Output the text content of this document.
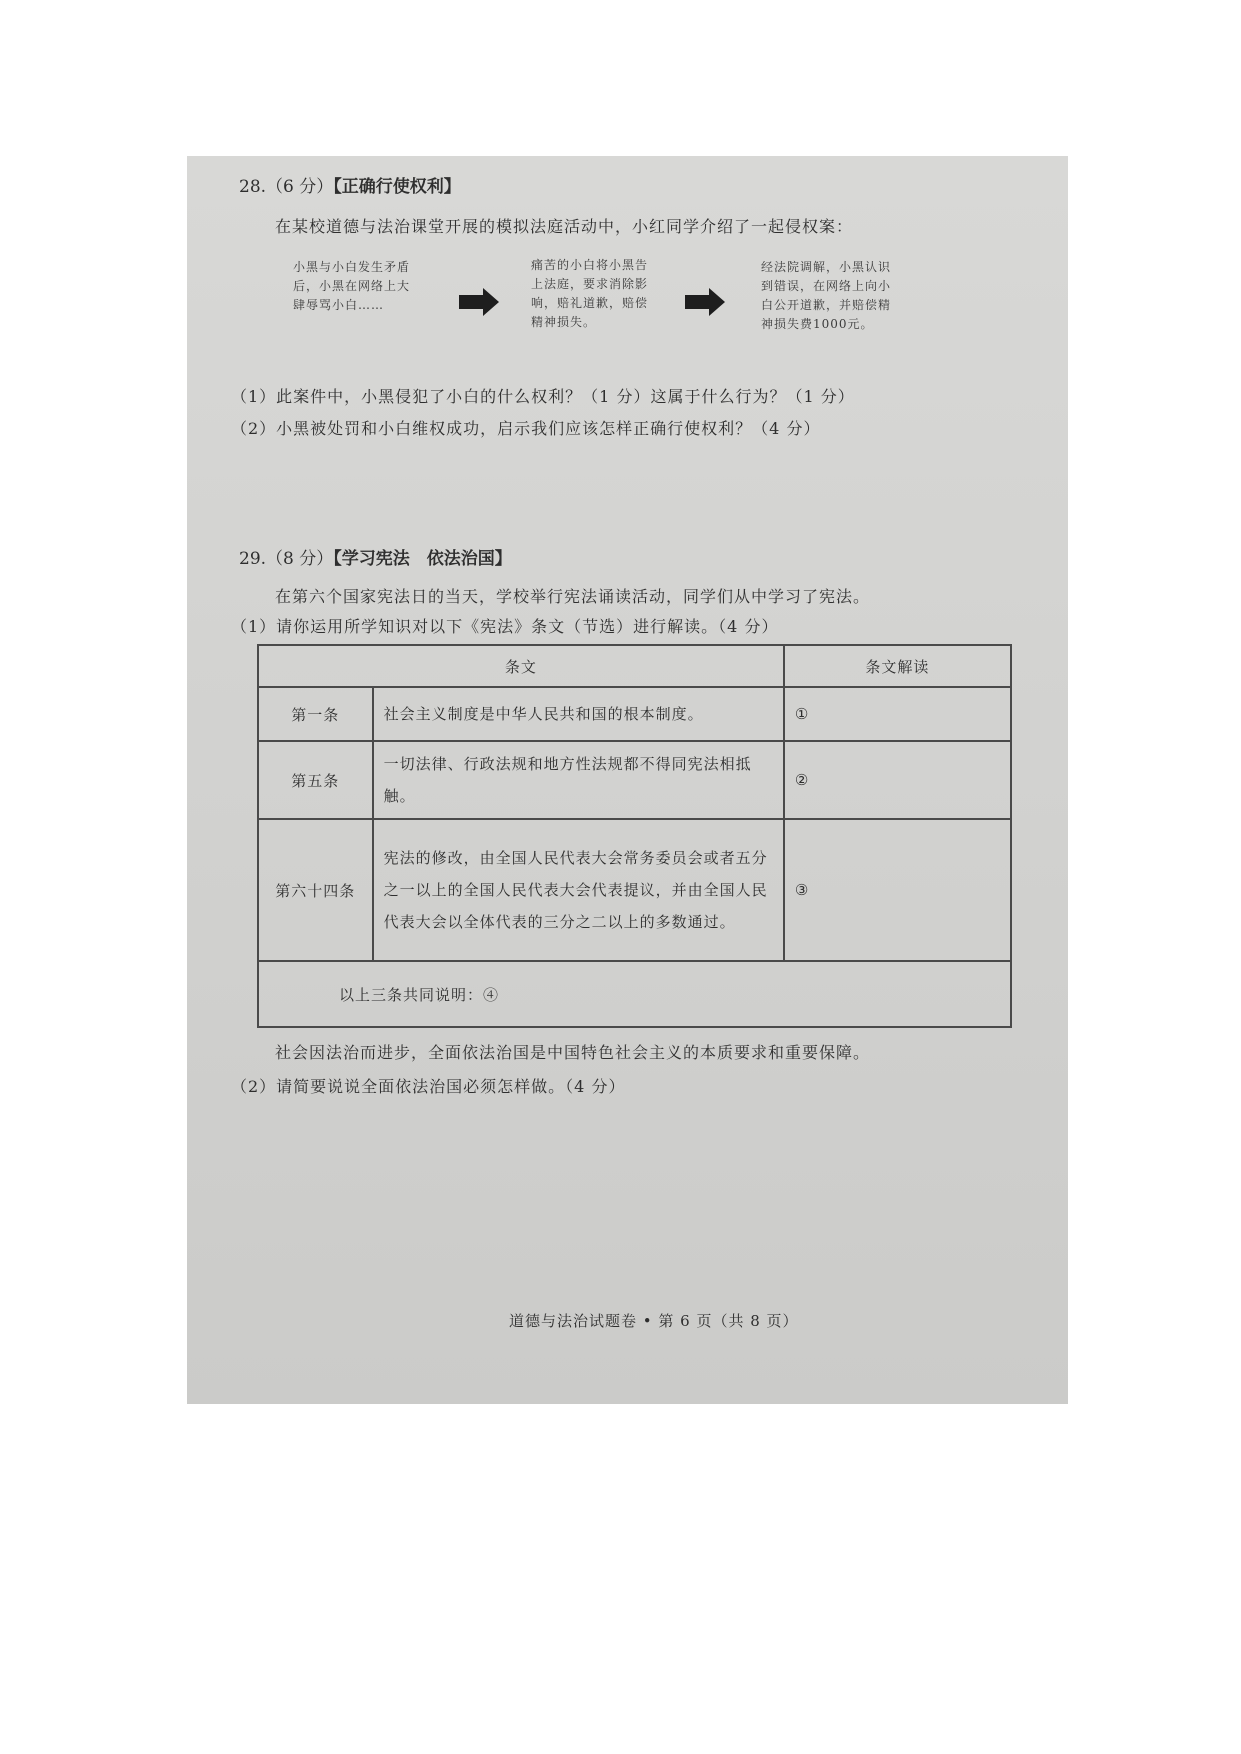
28.（6 分）【正确行使权利】
在某校道德与法治课堂开展的模拟法庭活动中，小红同学介绍了一起侵权案：
小黑与小白发生矛盾后，小黑在网络上大肆辱骂小白……
痛苦的小白将小黑告上法庭，要求消除影响，赔礼道歉，赔偿精神损失。
经法院调解，小黑认识到错误，在网络上向小白公开道歉，并赔偿精神损失费1000元。
（1）此案件中，小黑侵犯了小白的什么权利？（1 分）这属于什么行为？（1 分）
（2）小黑被处罚和小白维权成功，启示我们应该怎样正确行使权利？（4 分）
29.（8 分）【学习宪法　依法治国】
在第六个国家宪法日的当天，学校举行宪法诵读活动，同学们从中学习了宪法。
（1）请你运用所学知识对以下《宪法》条文（节选）进行解读。（4 分）
条文		条文解读
第一条	社会主义制度是中华人民共和国的根本制度。	①
第五条	一切法律、行政法规和地方性法规都不得同宪法相抵触。	②
第六十四条	宪法的修改，由全国人民代表大会常务委员会或者五分之一以上的全国人民代表大会代表提议，并由全国人民代表大会以全体代表的三分之二以上的多数通过。	③
以上三条共同说明：④		
社会因法治而进步，全面依法治国是中国特色社会主义的本质要求和重要保障。
（2）请简要说说全面依法治国必须怎样做。（4 分）
道德与法治试题卷 • 第 6 页（共 8 页）
